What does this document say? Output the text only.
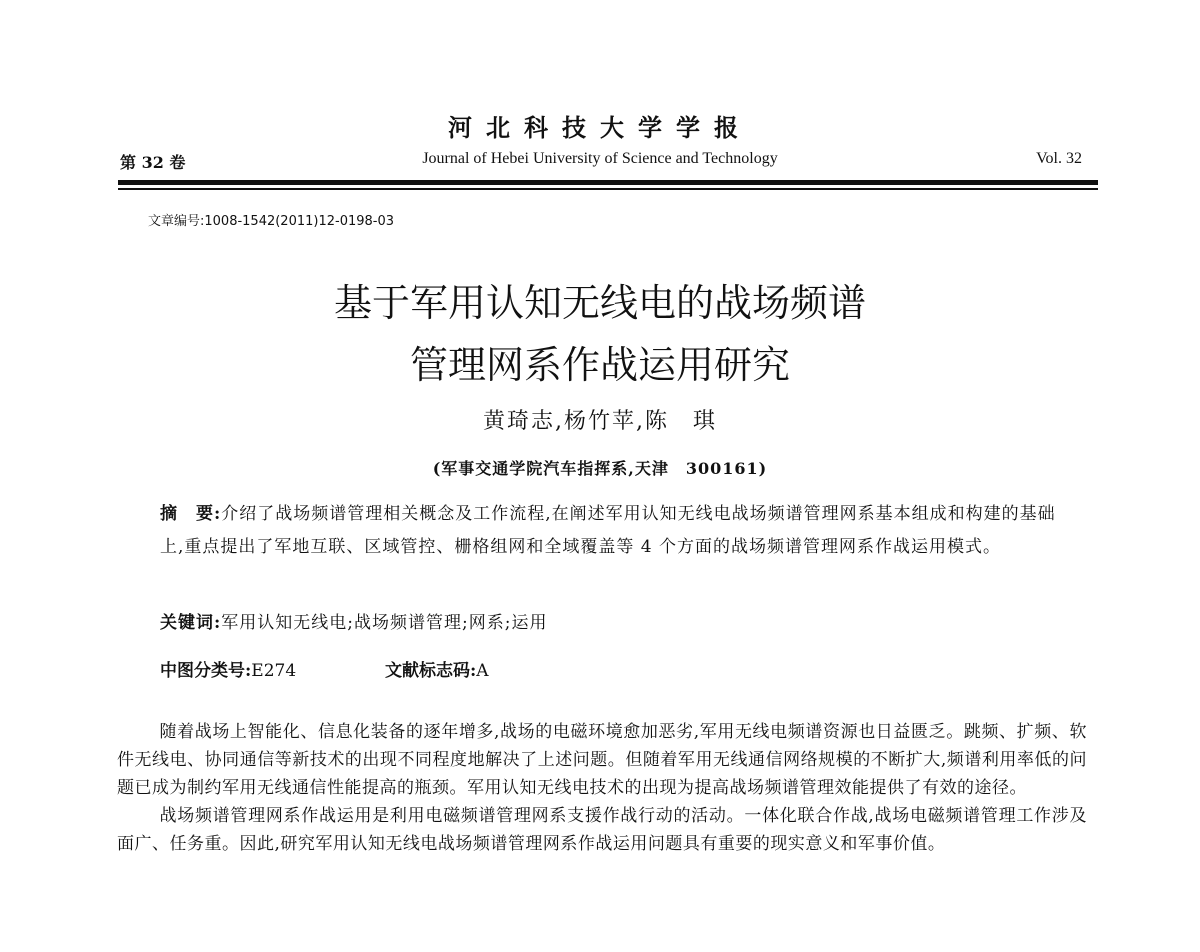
河北科技大学学报
第 32 卷	Journal of Hebei University of Science and Technology	Vol. 32
文章编号:1008-1542(2011)12-0198-03
基于军用认知无线电的战场频谱
管理网系作战运用研究
黄琦志,杨竹苹,陈　琪
(军事交通学院汽车指挥系,天津　300161)
摘　要:介绍了战场频谱管理相关概念及工作流程,在阐述军用认知无线电战场频谱管理网系基本组成和构建的基础上,重点提出了军地互联、区域管控、栅格组网和全域覆盖等 4 个方面的战场频谱管理网系作战运用模式。
关键词:军用认知无线电;战场频谱管理;网系;运用
中图分类号:E274	文献标志码:A

随着战场上智能化、信息化装备的逐年增多,战场的电磁环境愈加恶劣,军用无线电频谱资源也日益匮乏。跳频、扩频、软件无线电、协同通信等新技术的出现不同程度地解决了上述问题。但随着军用无线通信网络规模的不断扩大,频谱利用率低的问题已成为制约军用无线通信性能提高的瓶颈。军用认知无线电技术的出现为提高战场频谱管理效能提供了有效的途径。

战场频谱管理网系作战运用是利用电磁频谱管理网系支援作战行动的活动。一体化联合作战,战场电磁频谱管理工作涉及面广、任务重。因此,研究军用认知无线电战场频谱管理网系作战运用问题具有重要的现实意义和军事价值。
